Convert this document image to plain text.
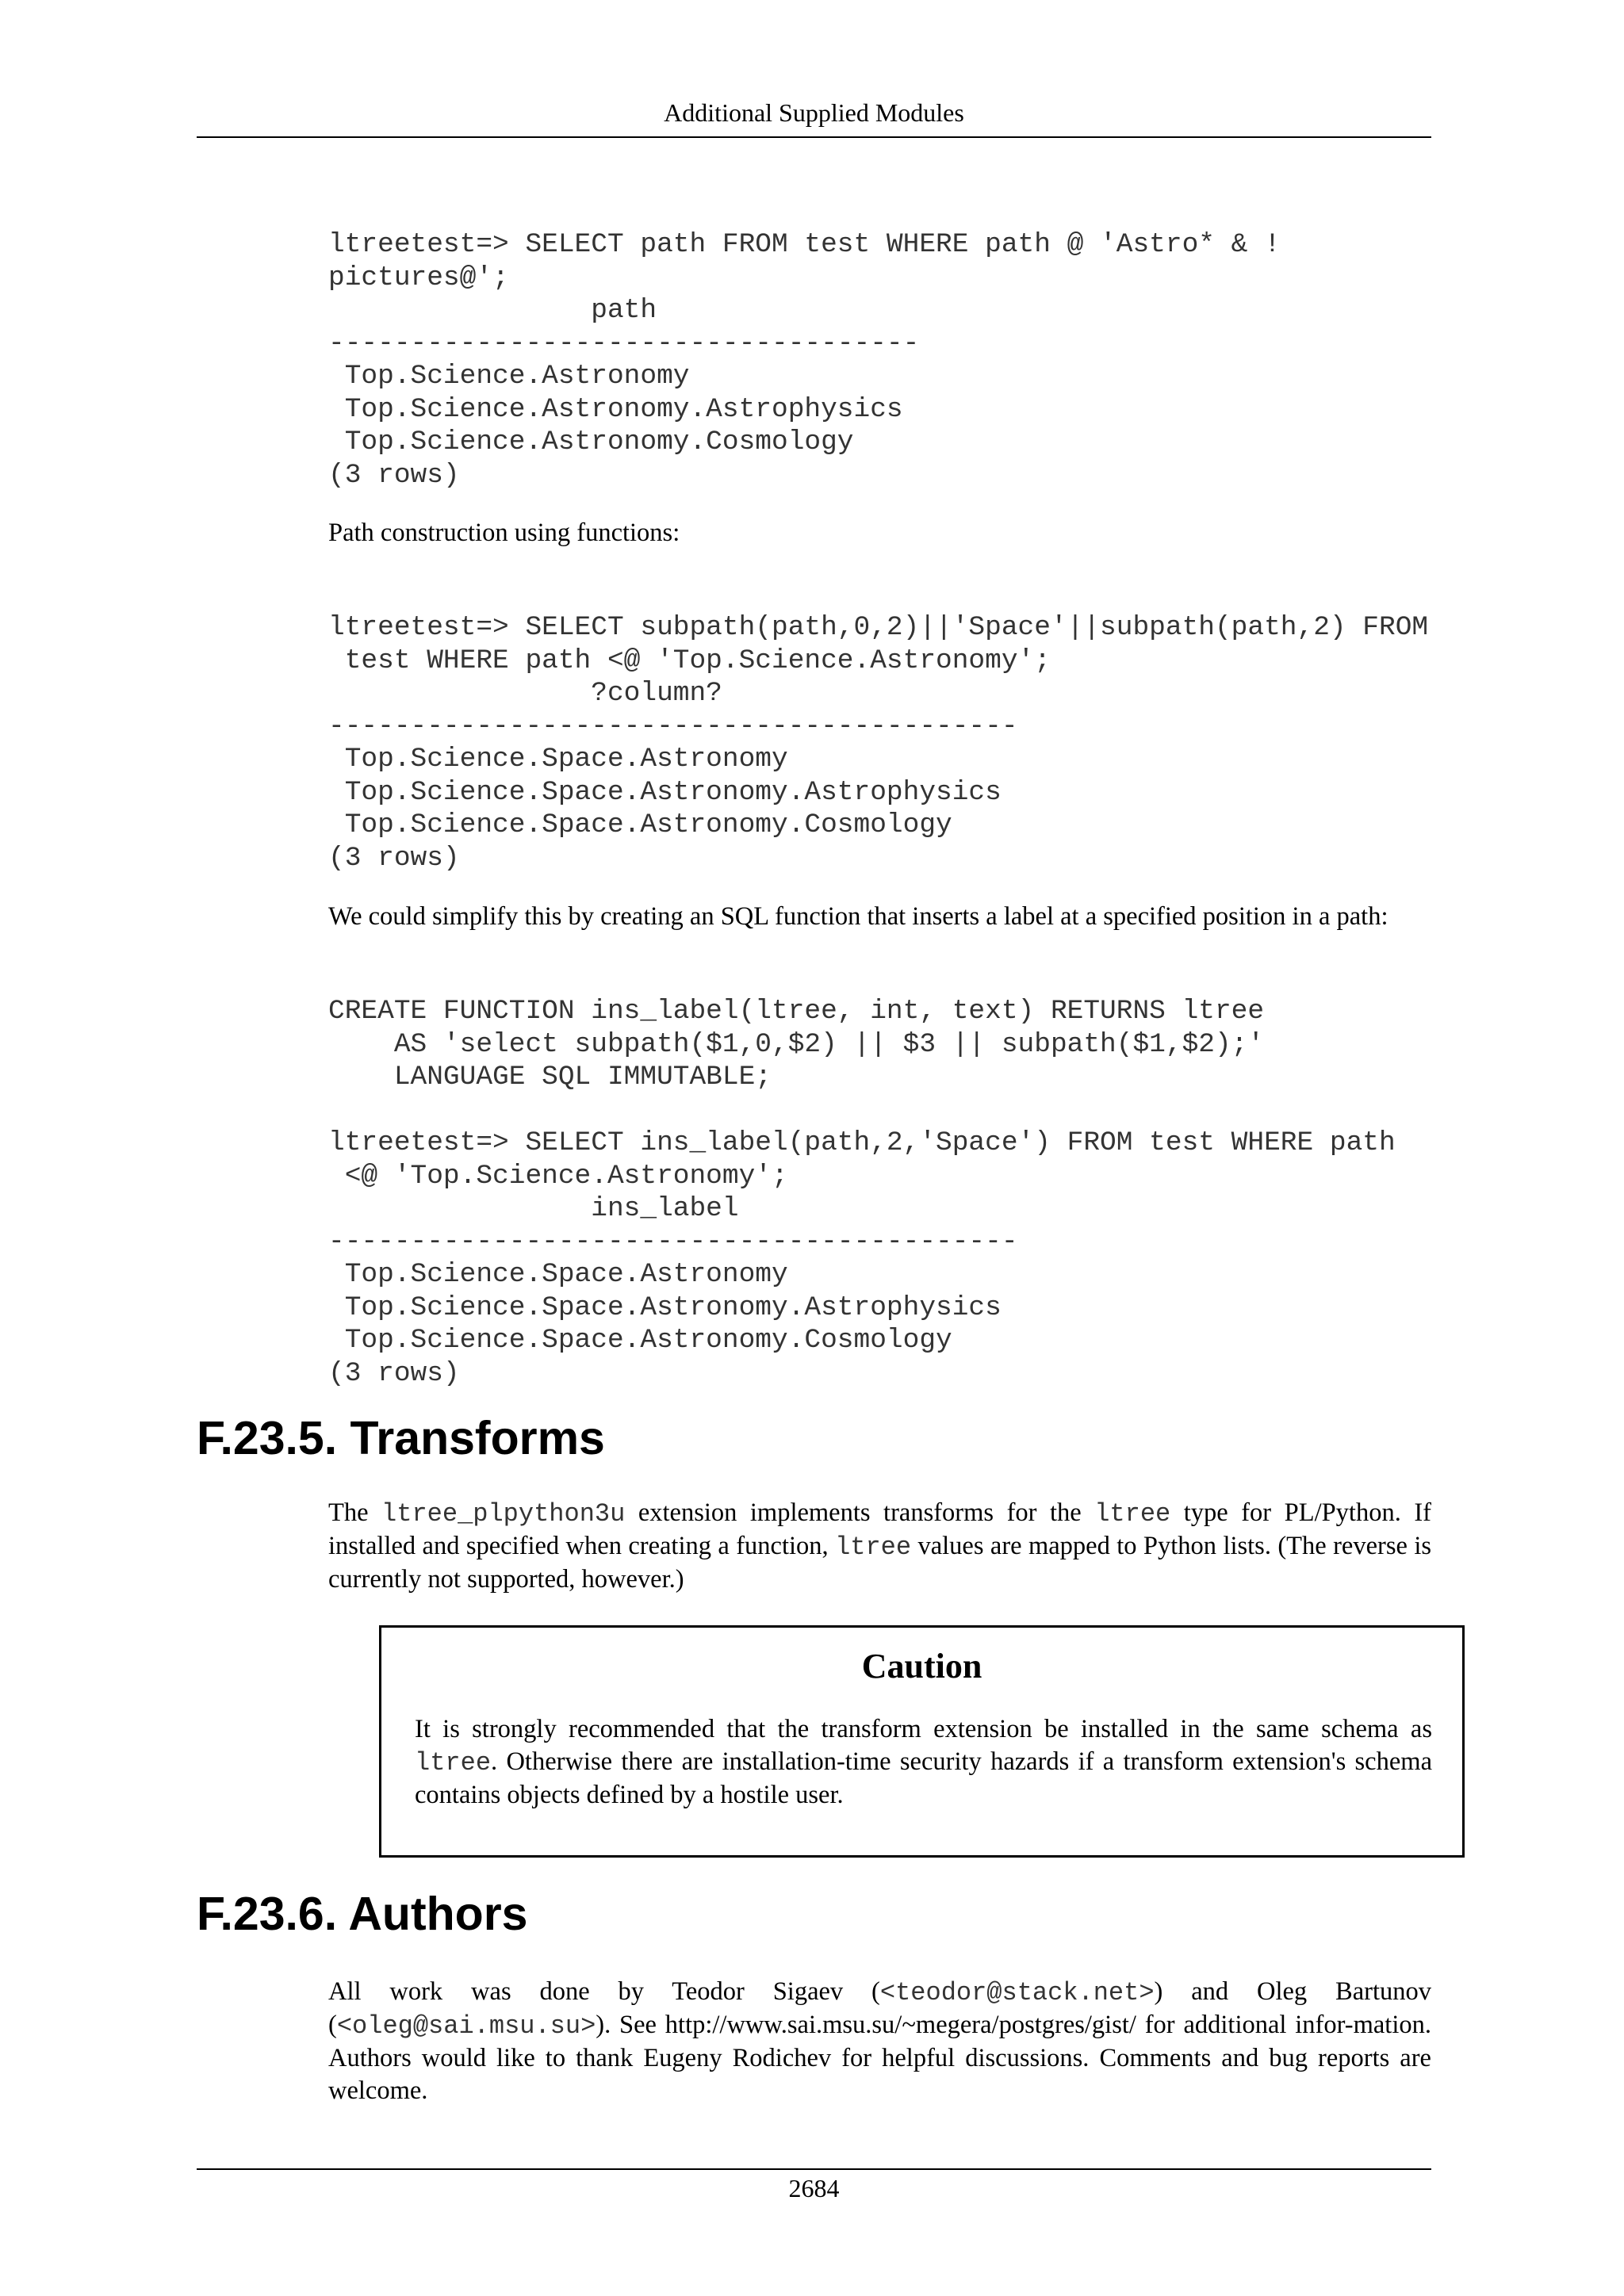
Additional Supplied Modules
ltreetest=> SELECT path FROM test WHERE path @ 'Astro* & !
pictures@';
path
------------------------------------
Top.Science.Astronomy
Top.Science.Astronomy.Astrophysics
Top.Science.Astronomy.Cosmology
(3 rows)

Path construction using functions:

ltreetest=> SELECT subpath(path,0,2)||'Space'||subpath(path,2) FROM
test WHERE path <@ 'Top.Science.Astronomy';
?column?
------------------------------------------
Top.Science.Space.Astronomy
Top.Science.Space.Astronomy.Astrophysics
Top.Science.Space.Astronomy.Cosmology
(3 rows)

We could simplify this by creating an SQL function that inserts a label at a specified position in a path:

CREATE FUNCTION ins_label(ltree, int, text) RETURNS ltree
AS 'select subpath($1,0,$2) || $3 || subpath($1,$2);'
LANGUAGE SQL IMMUTABLE;

ltreetest=> SELECT ins_label(path,2,'Space') FROM test WHERE path
<@ 'Top.Science.Astronomy';
ins_label
------------------------------------------
Top.Science.Space.Astronomy
Top.Science.Space.Astronomy.Astrophysics
Top.Science.Space.Astronomy.Cosmology
(3 rows)
F.23.5. Transforms

The ltree_plpython3u extension implements transforms for the ltree type for PL/Python. If installed and specified when creating a function, ltree values are mapped to Python lists. (The reverse is currently not supported, however.)

Caution

It is strongly recommended that the transform extension be installed in the same schema as ltree. Otherwise there are installation-time security hazards if a transform extension's schema contains objects defined by a hostile user.

F.23.6. Authors

All work was done by Teodor Sigaev (<teodor@stack.net>) and Oleg Bartunov (<oleg@sai.msu.su>). See http://www.sai.msu.su/~megera/postgres/gist/ for additional infor-mation. Authors would like to thank Eugeny Rodichev for helpful discussions. Comments and bug reports are welcome.

2684
